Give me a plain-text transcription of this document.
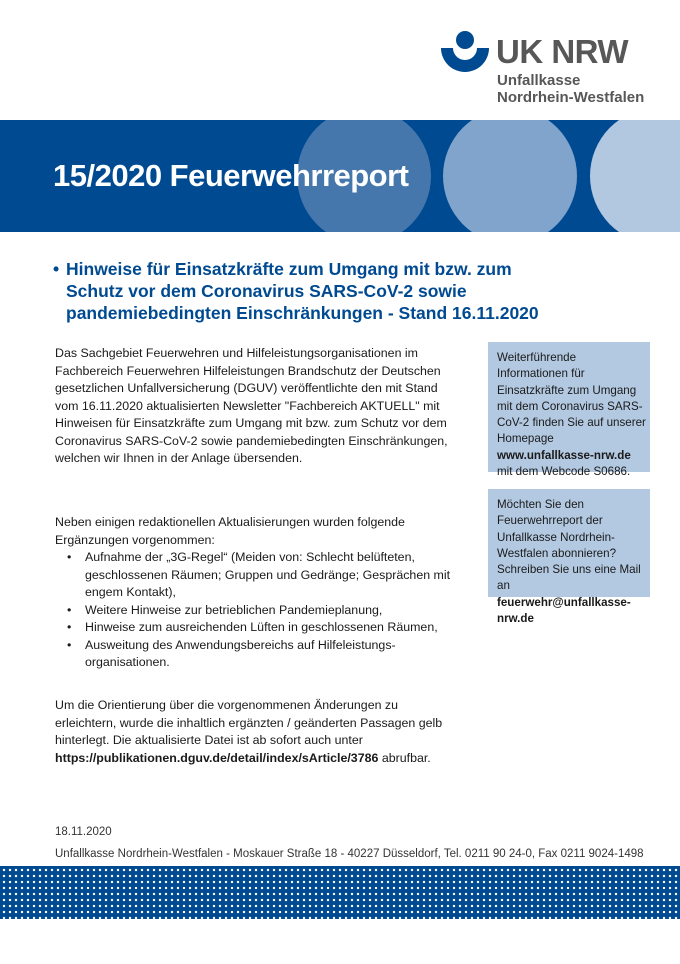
UK NRW
Unfallkasse
Nordrhein-Westfalen
15/2020 Feuerwehrreport
• Hinweise für Einsatzkräfte zum Umgang mit bzw. zum Schutz vor dem Coronavirus SARS-CoV-2 sowie pandemiebedingten Einschränkungen - Stand 16.11.2020
Das Sachgebiet Feuerwehren und Hilfeleistungsorganisationen im Fachbereich Feuerwehren Hilfeleistungen Brandschutz der Deutschen gesetzlichen Unfallversicherung (DGUV) veröffentlichte den mit Stand vom 16.11.2020 aktualisierten Newsletter "Fachbereich AKTUELL" mit Hinweisen für Einsatzkräfte zum Umgang mit bzw. zum Schutz vor dem Coronavirus SARS-CoV-2 sowie pandemiebedingten Einschränkungen, welchen wir Ihnen in der Anlage übersenden.
Neben einigen redaktionellen Aktualisierungen wurden folgende Ergänzungen vorgenommen:
• Aufnahme der „3G-Regel“ (Meiden von: Schlecht belüfteten, geschlossenen Räumen; Gruppen und Gedränge; Gesprächen mit engem Kontakt),
• Weitere Hinweise zur betrieblichen Pandemieplanung,
• Hinweise zum ausreichenden Lüften in geschlossenen Räumen,
• Ausweitung des Anwendungsbereichs auf Hilfeleistungs-organisationen.
Um die Orientierung über die vorgenommenen Änderungen zu erleichtern, wurde die inhaltlich ergänzten / geänderten Passagen gelb hinterlegt. Die aktualisierte Datei ist ab sofort auch unter https://publikationen.dguv.de/detail/index/sArticle/3786 abrufbar.
Weiterführende Informationen für Einsatzkräfte zum Umgang mit dem Coronavirus SARS-CoV-2 finden Sie auf unserer Homepage
www.unfallkasse-nrw.de
mit dem Webcode S0686.
Möchten Sie den Feuerwehrreport der Unfallkasse Nordrhein-Westfalen abonnieren? Schreiben Sie uns eine Mail an
feuerwehr@unfallkasse-nrw.de
18.11.2020
Unfallkasse Nordrhein-Westfalen - Moskauer Straße 18 - 40227 Düsseldorf, Tel. 0211 90 24-0, Fax 0211 9024-1498
